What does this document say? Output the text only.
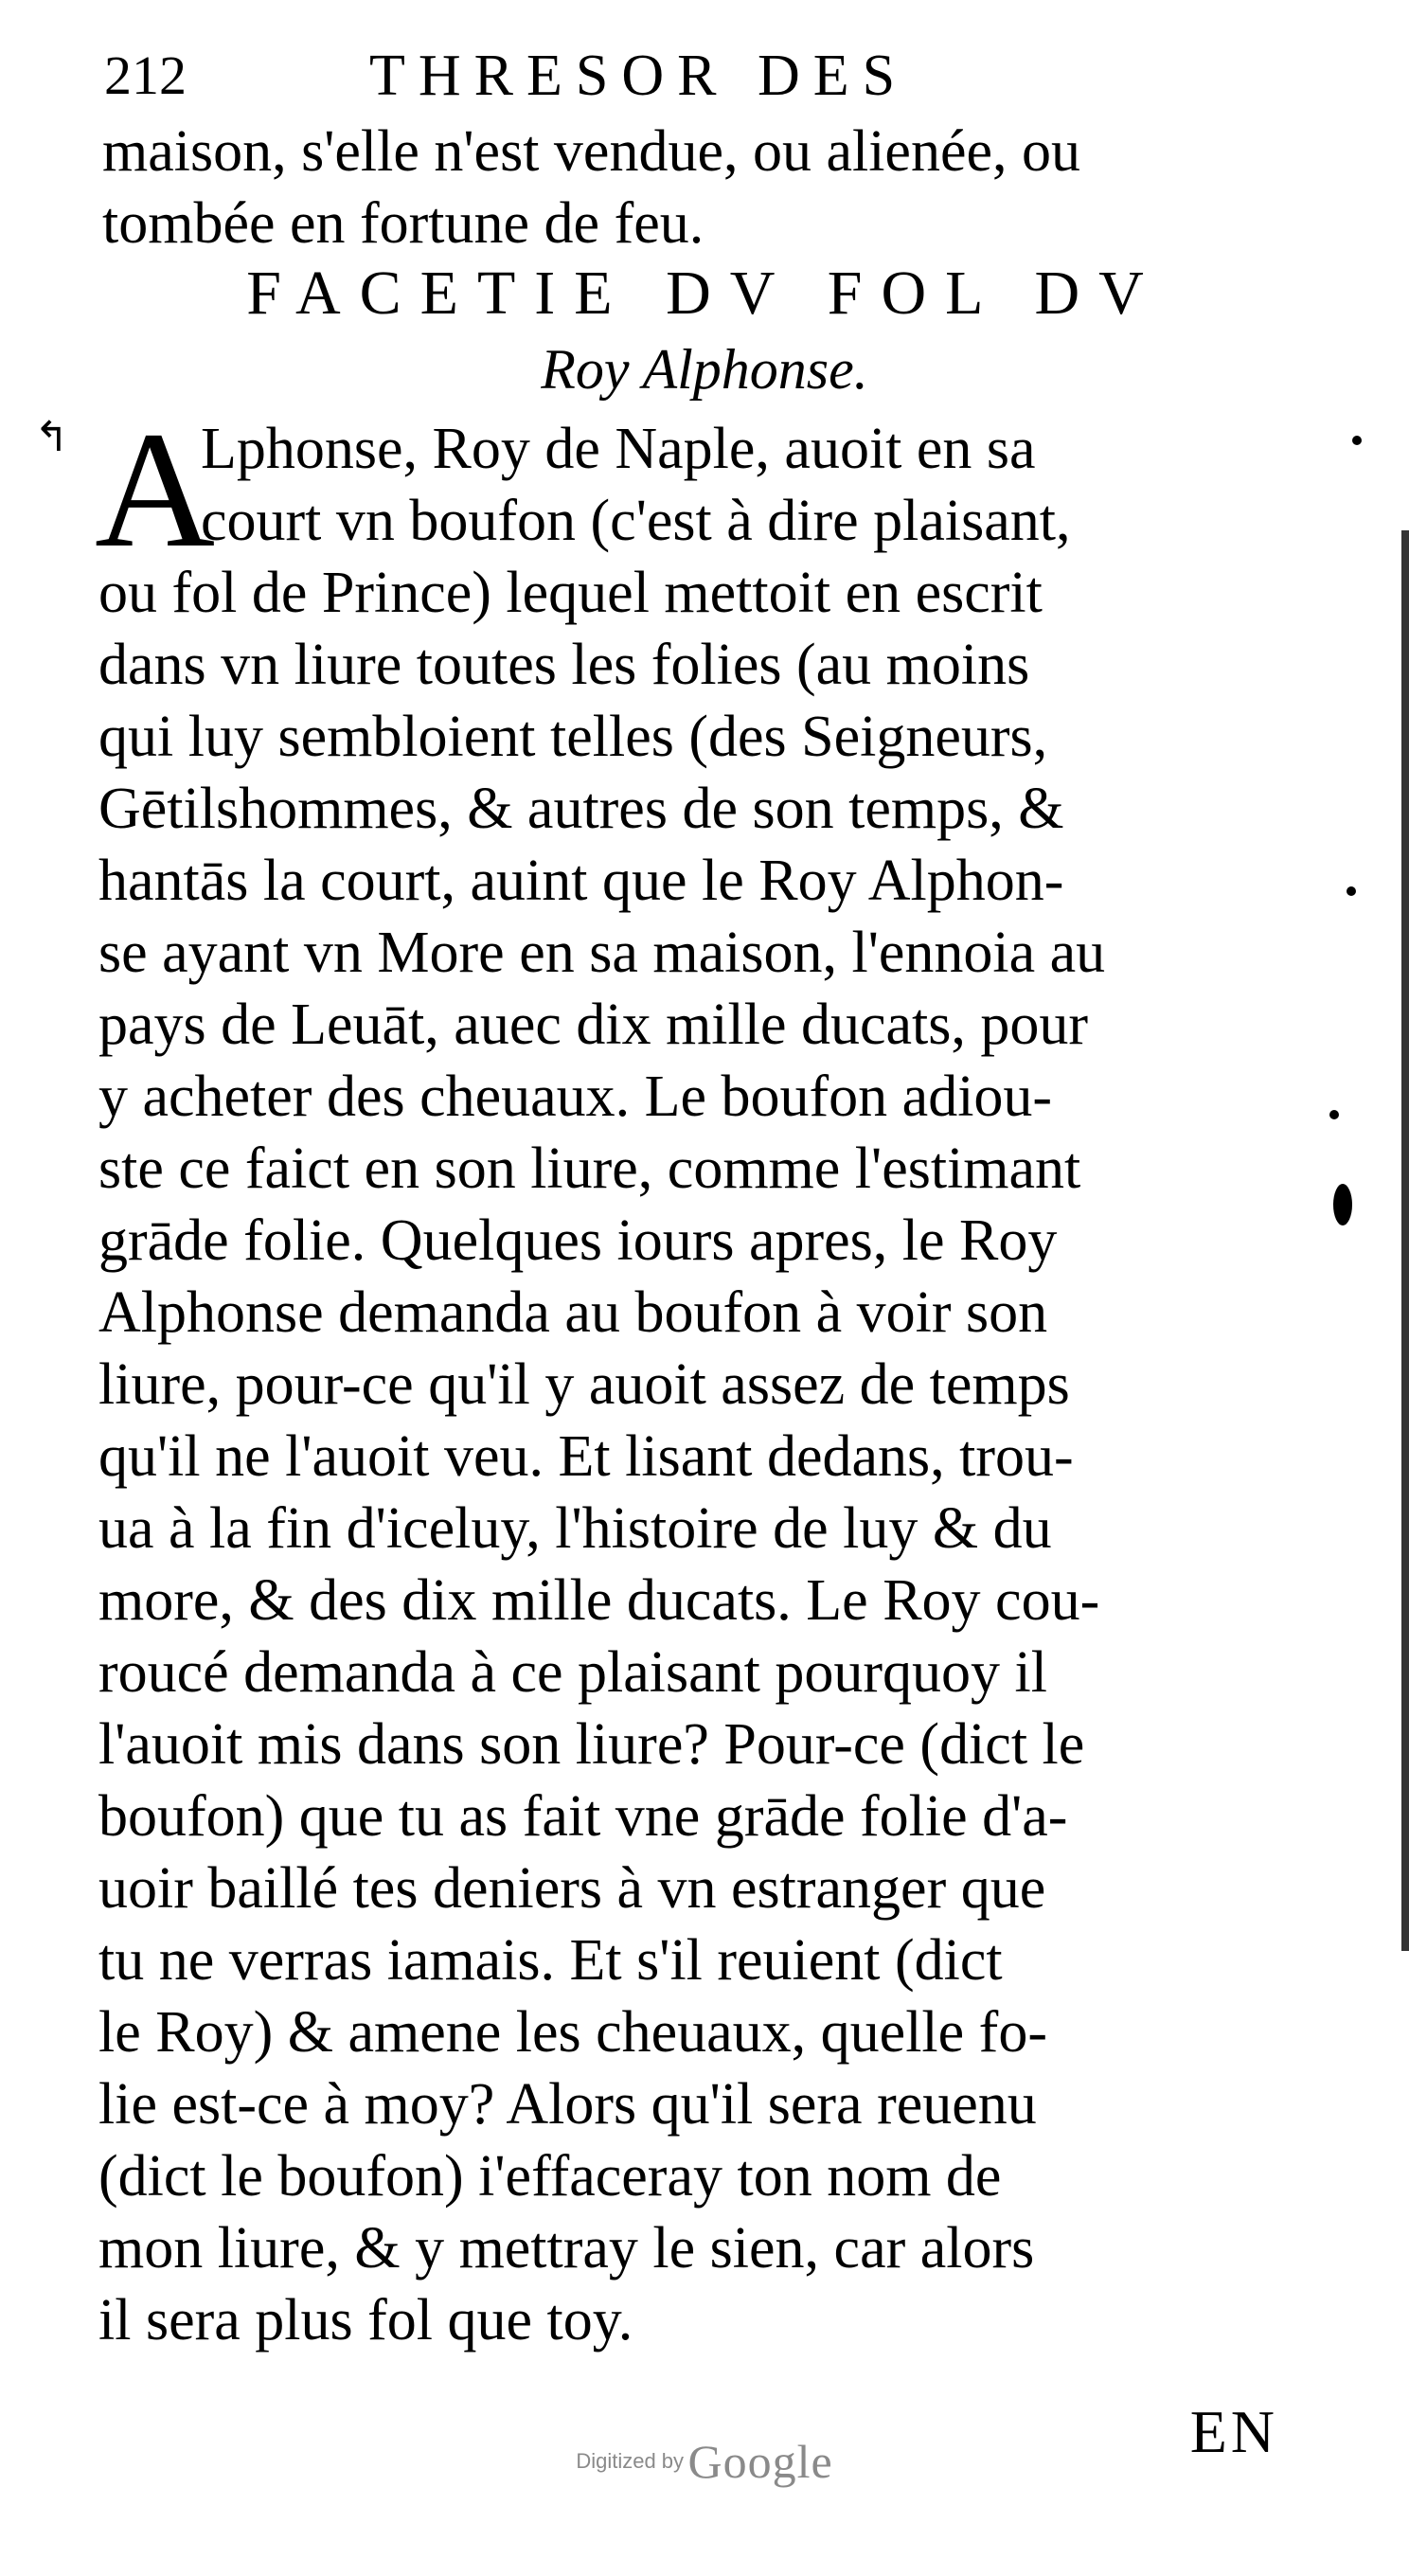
212	THRESOR DES
maison, s'elle n'est vendue, ou alienée, ou
tombée en fortune de feu.
FACETIE DV FOL DV
Roy Alphonse.
A
Lphonse, Roy de Naple, auoit en sa
court vn boufon (c'est à dire plaisant,
ou fol de Prince) lequel mettoit en escrit
dans vn liure toutes les folies (au moins
qui luy sembloient telles (des Seigneurs,
Gētilshommes, & autres de son temps, &
hantās la court, auint que le Roy Alphon-
se ayant vn More en sa maison, l'ennoia au
pays de Leuāt, auec dix mille ducats, pour
y acheter des cheuaux. Le boufon adiou-
ste ce faict en son liure, comme l'estimant
grāde folie. Quelques iours apres, le Roy
Alphonse demanda au boufon à voir son
liure, pour-ce qu'il y auoit assez de temps
qu'il ne l'auoit veu. Et lisant dedans, trou-
ua à la fin d'iceluy, l'histoire de luy & du
more, & des dix mille ducats. Le Roy cou-
roucé demanda à ce plaisant pourquoy il
l'auoit mis dans son liure? Pour-ce (dict le
boufon) que tu as fait vne grāde folie d'a-
uoir baillé tes deniers à vn estranger que
tu ne verras iamais. Et s'il reuient (dict
le Roy) & amene les cheuaux, quelle fo-
lie est-ce à moy? Alors qu'il sera reuenu
(dict le boufon) i'effaceray ton nom de
mon liure, & y mettray le sien, car alors
il sera plus fol que toy.
EN
↰
Digitized by Google
